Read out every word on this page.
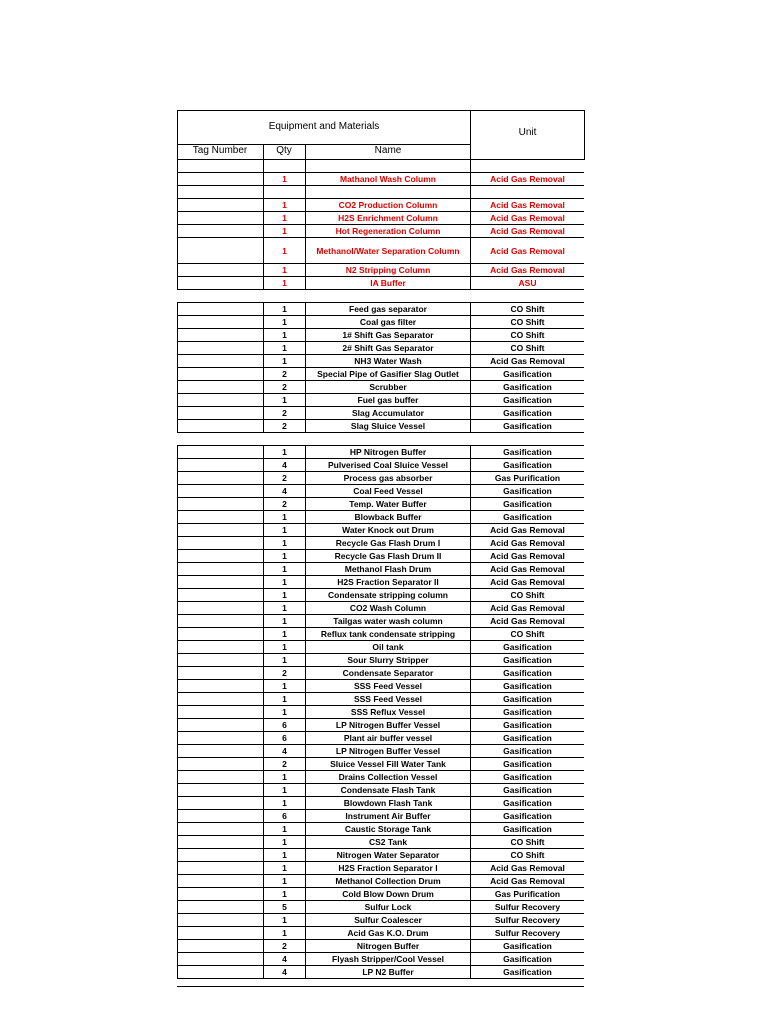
Equipment and Materials
Unit
Tag Number	Qty	Name
1	Mathanol Wash Column	Acid Gas Removal
1	CO2 Production Column	Acid Gas Removal
1	H2S Enrichment Column	Acid Gas Removal
1	Hot Regeneration Column	Acid Gas Removal
1	Methanol/Water Separation Column	Acid Gas Removal
1	N2 Stripping Column	Acid Gas Removal
1	IA Buffer	ASU
1	Feed gas separator	CO Shift
1	Coal gas filter	CO Shift
1	1# Shift Gas Separator	CO Shift
1	2# Shift Gas Separator	CO Shift
1	NH3 Water Wash	Acid Gas Removal
2	Special Pipe of Gasifier Slag Outlet	Gasification
2	Scrubber	Gasification
1	Fuel gas buffer	Gasification
2	Slag Accumulator	Gasification
2	Slag Sluice Vessel	Gasification
1	HP Nitrogen Buffer	Gasification
4	Pulverised Coal Sluice Vessel	Gasification
2	Process gas absorber	Gas Purification
4	Coal Feed Vessel	Gasification
2	Temp. Water Buffer	Gasification
1	Blowback Buffer	Gasification
1	Water Knock out Drum	Acid Gas Removal
1	Recycle Gas Flash Drum Ⅰ	Acid Gas Removal
1	Recycle Gas Flash Drum II	Acid Gas Removal
1	Methanol Flash Drum	Acid Gas Removal
1	H2S Fraction Separator II	Acid Gas Removal
1	Condensate stripping column	CO Shift
1	CO2 Wash Column	Acid Gas Removal
1	Tailgas water wash column	Acid Gas Removal
1	Reflux tank condensate stripping	CO Shift
1	Oil tank	Gasification
1	Sour Slurry Stripper	Gasification
2	Condensate Separator	Gasification
1	SSS Feed Vessel	Gasification
1	SSS Feed Vessel	Gasification
1	SSS Reflux Vessel	Gasification
6	LP Nitrogen Buffer Vessel	Gasification
6	Plant air buffer vessel	Gasification
4	LP Nitrogen Buffer Vessel	Gasification
2	Sluice Vessel Fill Water Tank	Gasification
1	Drains Collection Vessel	Gasification
1	Condensate Flash Tank	Gasification
1	Blowdown Flash Tank	Gasification
6	Instrument Air Buffer	Gasification
1	Caustic Storage Tank	Gasification
1	CS2 Tank	CO Shift
1	Nitrogen Water Separator	CO Shift
1	H2S Fraction Separator I	Acid Gas Removal
1	Methanol Collection Drum	Acid Gas Removal
1	Cold Blow Down Drum	Gas Purification
5	Sulfur Lock	Sulfur Recovery
1	Sulfur Coalescer	Sulfur Recovery
1	Acid Gas K.O. Drum	Sulfur Recovery
2	Nitrogen Buffer	Gasification
4	Flyash Stripper/Cool Vessel	Gasification
4	LP N2 Buffer	Gasification
